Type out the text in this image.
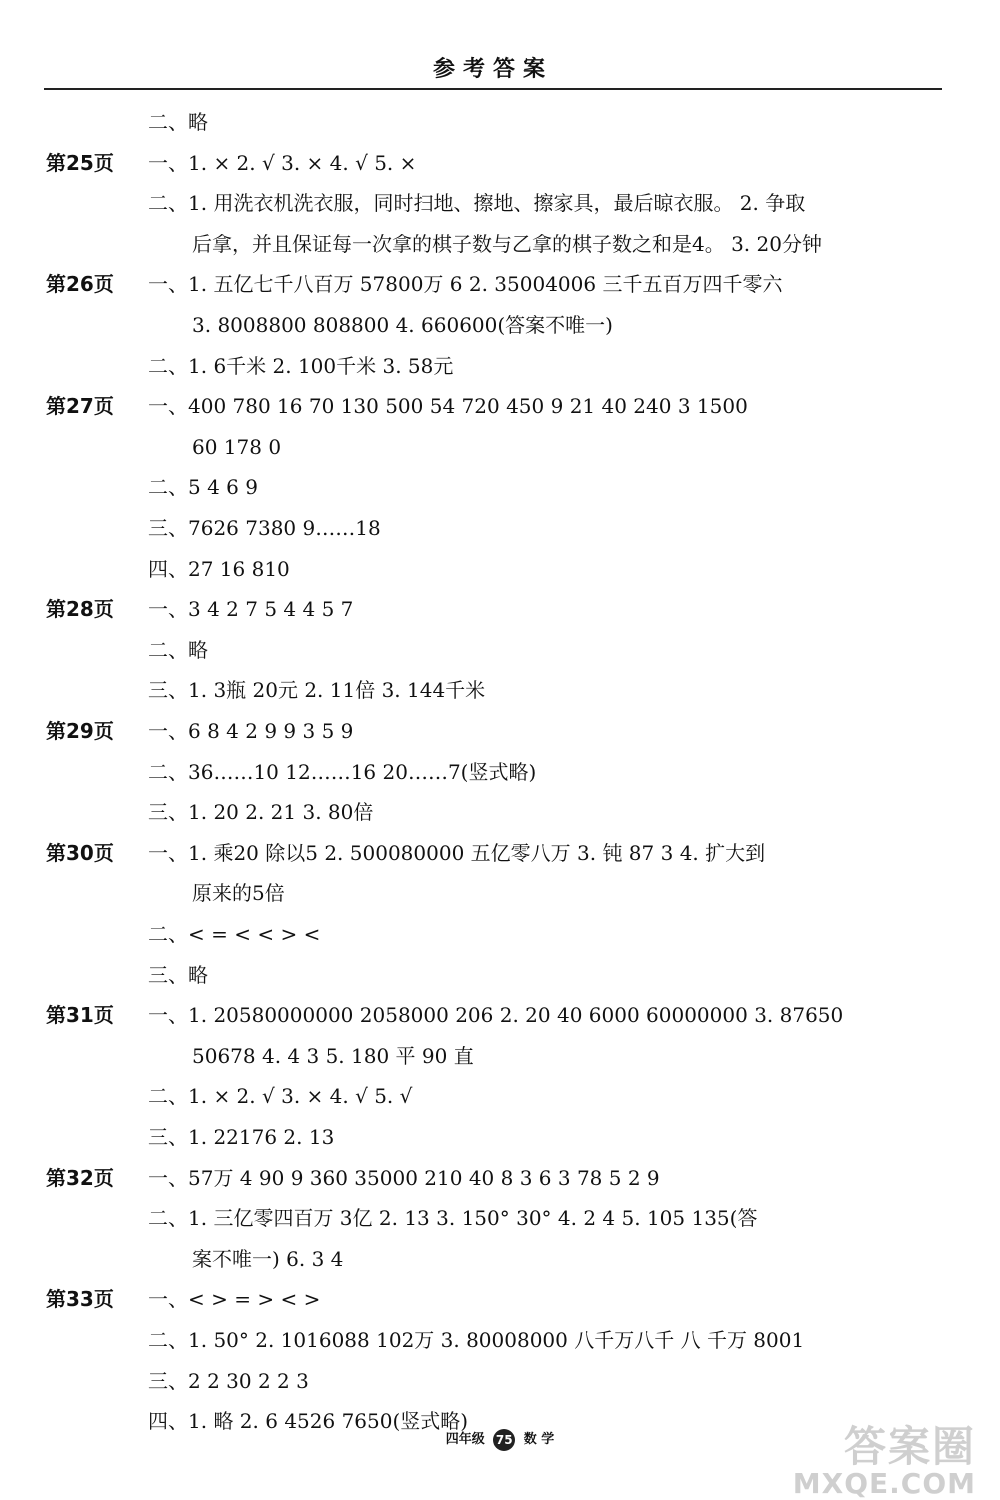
参考答案
二、略
第25页	一、1. × 2. √ 3. × 4. √ 5. ×
二、1. 用洗衣机洗衣服，同时扫地、擦地、擦家具，最后晾衣服。 2. 争取
后拿，并且保证每一次拿的棋子数与乙拿的棋子数之和是4。 3. 20分钟
第26页	一、1. 五亿七千八百万 57800万 6 2. 35004006 三千五百万四千零六
3. 8008800 808800 4. 660600(答案不唯一)
二、1. 6千米 2. 100千米 3. 58元
第27页	一、400 780 16 70 130 500 54 720 450 9 21 40 240 3 1500
60 178 0
二、5 4 6 9
三、7626 7380 9……18
四、27 16 810
第28页	一、3 4 2 7 5 4 4 5 7
二、略
三、1. 3瓶 20元 2. 11倍 3. 144千米
第29页	一、6 8 4 2 9 9 3 5 9
二、36……10 12……16 20……7(竖式略)
三、1. 20 2. 21 3. 80倍
第30页	一、1. 乘20 除以5 2. 500080000 五亿零八万 3. 钝 87 3 4. 扩大到
原来的5倍
二、< = < < > <
三、略
第31页	一、1. 20580000000 2058000 206 2. 20 40 6000 60000000 3. 87650
50678 4. 4 3 5. 180 平 90 直
二、1. × 2. √ 3. × 4. √ 5. √
三、1. 22176 2. 13
第32页	一、57万 4 90 9 360 35000 210 40 8 3 6 3 78 5 2 9
二、1. 三亿零四百万 3亿 2. 13 3. 150° 30° 4. 2 4 5. 105 135(答
案不唯一) 6. 3 4
第33页	一、< > = > < >
二、1. 50° 2. 1016088 102万 3. 80008000 八千万八千 八 千万 8001
三、2 2 30 2 2 3
四、1. 略 2. 6 4526 7650(竖式略)
四年级 75 数 学	答案圈
MXQE.COM
